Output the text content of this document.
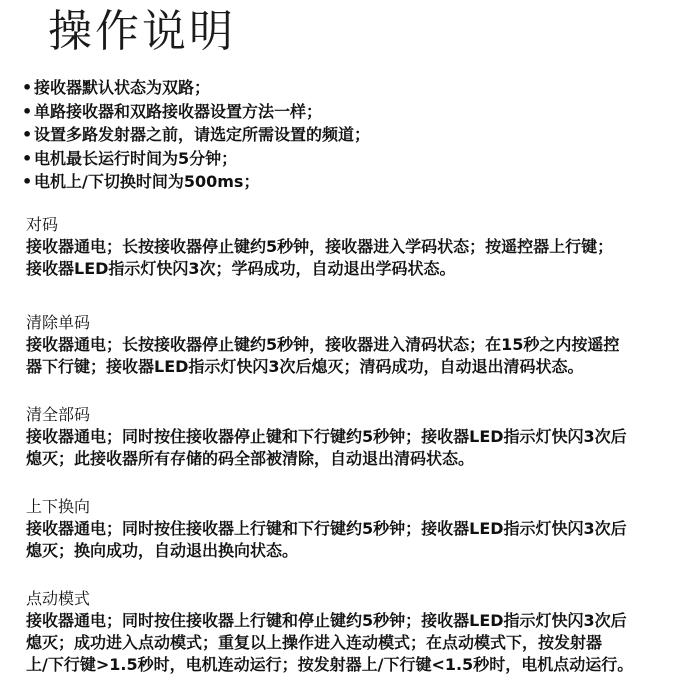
操作说明
• 接收器默认状态为双路；
• 单路接收器和双路接收器设置方法一样；
• 设置多路发射器之前，请选定所需设置的频道；
• 电机最长运行时间为5分钟；
• 电机上/下切换时间为500ms；
对码
接收器通电；长按接收器停止键约5秒钟，接收器进入学码状态；按遥控器上行键；
接收器LED指示灯快闪3次；学码成功，自动退出学码状态。
清除单码
接收器通电；长按接收器停止键约5秒钟，接收器进入清码状态；在15秒之内按遥控
器下行键；接收器LED指示灯快闪3次后熄灭；清码成功，自动退出清码状态。
清全部码
接收器通电；同时按住接收器停止键和下行键约5秒钟；接收器LED指示灯快闪3次后
熄灭；此接收器所有存储的码全部被清除，自动退出清码状态。
上下换向
接收器通电；同时按住接收器上行键和下行键约5秒钟；接收器LED指示灯快闪3次后
熄灭；换向成功，自动退出换向状态。
点动模式
接收器通电；同时按住接收器上行键和停止键约5秒钟；接收器LED指示灯快闪3次后
熄灭；成功进入点动模式；重复以上操作进入连动模式；在点动模式下，按发射器
上/下行键>1.5秒时，电机连动运行；按发射器上/下行键<1.5秒时，电机点动运行。
